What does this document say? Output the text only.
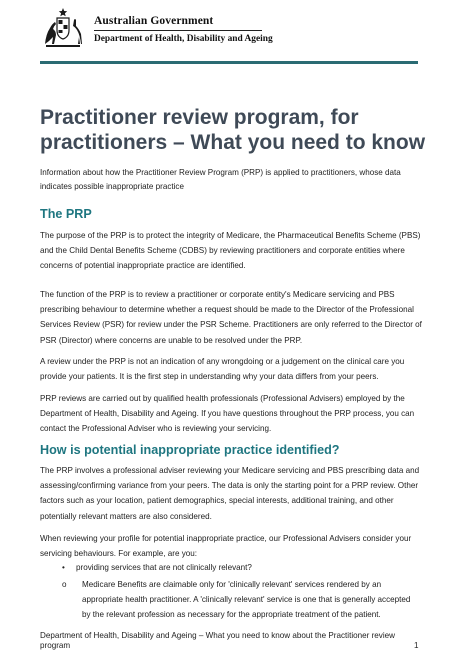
Australian Government
Department of Health, Disability and Ageing
Practitioner review program, for practitioners – What you need to know

Information about how the Practitioner Review Program (PRP) is applied to practitioners, whose data indicates possible inappropriate practice

The PRP

The purpose of the PRP is to protect the integrity of Medicare, the Pharmaceutical Benefits Scheme (PBS) and the Child Dental Benefits Scheme (CDBS) by reviewing practitioners and corporate entities where concerns of potential inappropriate practice are identified.

The function of the PRP is to review a practitioner or corporate entity's Medicare servicing and PBS prescribing behaviour to determine whether a request should be made to the Director of the Professional Services Review (PSR) for review under the PSR Scheme. Practitioners are only referred to the Director of PSR (Director) where concerns are unable to be resolved under the PRP.

A review under the PRP is not an indication of any wrongdoing or a judgement on the clinical care you provide your patients. It is the first step in understanding why your data differs from your peers.

PRP reviews are carried out by qualified health professionals (Professional Advisers) employed by the Department of Health, Disability and Ageing. If you have questions throughout the PRP process, you can contact the Professional Adviser who is reviewing your servicing.

How is potential inappropriate practice identified?

The PRP involves a professional adviser reviewing your Medicare servicing and PBS prescribing data and assessing/confirming variance from your peers. The data is only the starting point for a PRP review. Other factors such as your location, patient demographics, special interests, additional training, and other potentially relevant matters are also considered.

When reviewing your profile for potential inappropriate practice, our Professional Advisers consider your servicing behaviours. For example, are you:

• providing services that are not clinically relevant?
o Medicare Benefits are claimable only for 'clinically relevant' services rendered by an appropriate health practitioner. A 'clinically relevant' service is one that is generally accepted by the relevant profession as necessary for the appropriate treatment of the patient.

Department of Health, Disability and Ageing – What you need to know about the Practitioner review program	1
